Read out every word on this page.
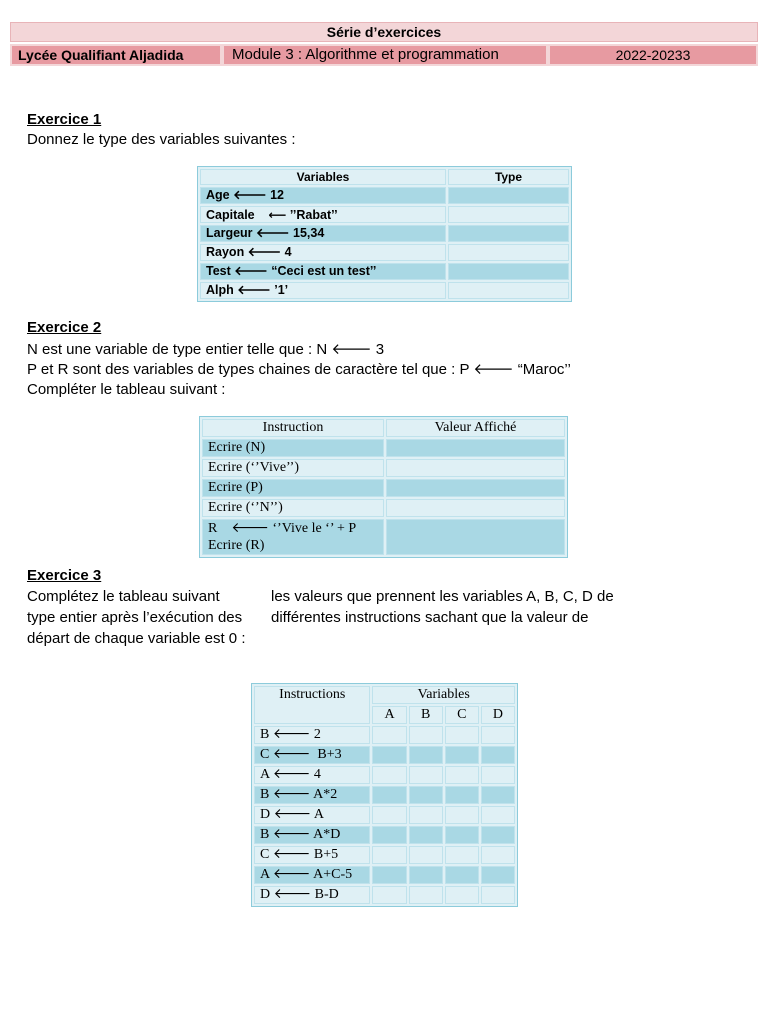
Série d’exercices
Lycée Qualifiant Aljadida	Module 3 : Algorithme et programmation	2022-20233
Exercice 1
Donnez le type des variables suivantes :
Variables	Type
Age 🡐 12	
Capitale    ⟵ ’’Rabat’’	
Largeur 🡐 15,34	
Rayon 🡐 4	
Test 🡐 “Ceci est un test’’	
Alph 🡐 ’1’	
Exercice 2
N est une variable de type entier telle que : N 🡐 3
P et R sont des variables de types chaines de caractère tel que : P 🡐 “Maroc’’
Compléter le tableau suivant :
Instruction	Valeur Affiché
Ecrire (N)	
Ecrire (‘’Vive’’)	
Ecrire (P)	
Ecrire (‘’N’’)	

R    🡐 ‘’Vive le ‘’ + P
Ecrire (R)	

Exercice 3
Complétez le tableau suivant	les valeurs que prennent les variables A, B, C, D de
type entier après l’exécution des différentes instructions sachant que la valeur de
départ de chaque variable est 0 :
Instructions	Variables			
	A	B	C	D
B 🡐 2				
C 🡐  B+3				
A 🡐 4				
B 🡐 A*2				
D 🡐 A				
B 🡐 A*D				
C 🡐 B+5				
A 🡐 A+C-5				
D 🡐 B-D				
